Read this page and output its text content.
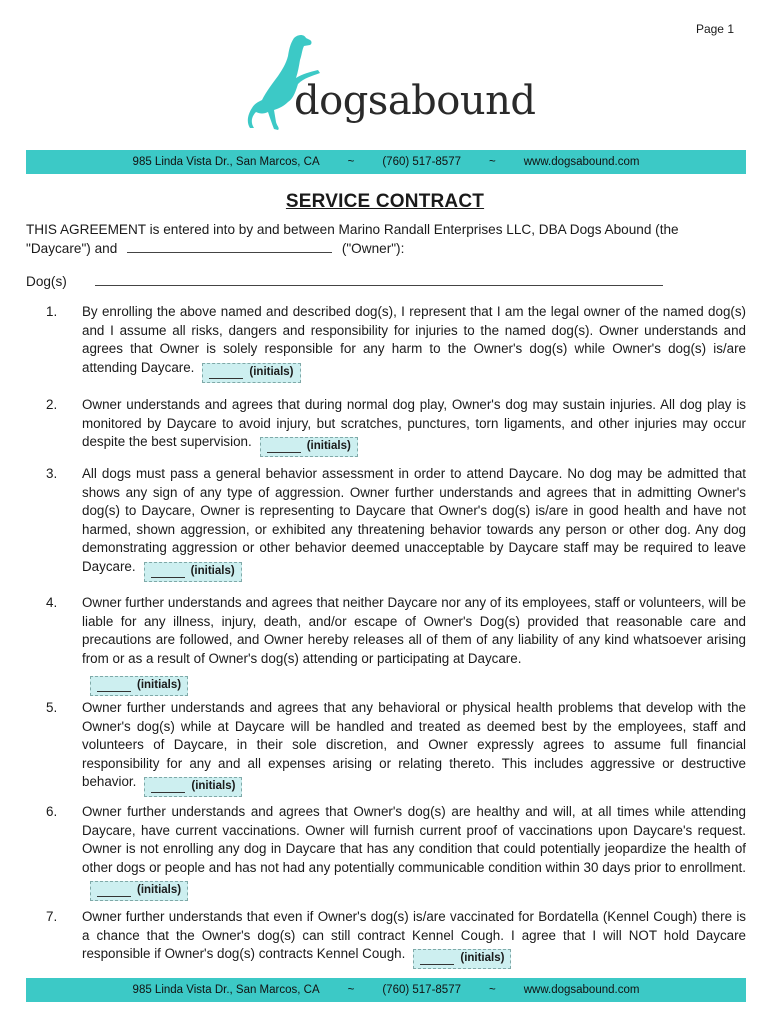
Page 1
dogsabound
985 Linda Vista Dr., San Marcos, CA ~ (760) 517-8577 ~ www.dogsabound.com
SERVICE CONTRACT
THIS AGREEMENT is entered into by and between Marino Randall Enterprises LLC, DBA Dogs Abound (the "Daycare") and	("Owner"):
Dog(s)
1. By enrolling the above named and described dog(s), I represent that I am the legal owner of the named dog(s) and I assume all risks, dangers and responsibility for injuries to the named dog(s). Owner understands and agrees that Owner is solely responsible for any harm to the Owner's dog(s) while Owner's dog(s) is/are attending Daycare.	(initials)
2. Owner understands and agrees that during normal dog play, Owner's dog may sustain injuries. All dog play is monitored by Daycare to avoid injury, but scratches, punctures, torn ligaments, and other injuries may occur despite the best supervision.	(initials)
3. All dogs must pass a general behavior assessment in order to attend Daycare. No dog may be admitted that shows any sign of any type of aggression. Owner further understands and agrees that in admitting Owner's dog(s) to Daycare, Owner is representing to Daycare that Owner's dog(s) is/are in good health and have not harmed, shown aggression, or exhibited any threatening behavior towards any person or other dog. Any dog demonstrating aggression or other behavior deemed unacceptable by Daycare staff may be required to leave Daycare.	(initials)
4. Owner further understands and agrees that neither Daycare nor any of its employees, staff or volunteers, will be liable for any illness, injury, death, and/or escape of Owner's Dog(s) provided that reasonable care and precautions are followed, and Owner hereby releases all of them of any liability of any kind whatsoever arising from or as a result of Owner's dog(s) attending or participating at Daycare.
(initials)
5. Owner further understands and agrees that any behavioral or physical health problems that develop with the Owner's dog(s) while at Daycare will be handled and treated as deemed best by the employees, staff and volunteers of Daycare, in their sole discretion, and Owner expressly agrees to assume full financial responsibility for any and all expenses arising or relating thereto. This includes aggressive or destructive behavior.	(initials)
6. Owner further understands and agrees that Owner's dog(s) are healthy and will, at all times while attending Daycare, have current vaccinations. Owner will furnish current proof of vaccinations upon Daycare's request. Owner is not enrolling any dog in Daycare that has any condition that could potentially jeopardize the health of other dogs or people and has not had any potentially communicable condition within 30 days prior to enrollment.(initials)
7. Owner further understands that even if Owner's dog(s) is/are vaccinated for Bordatella (Kennel Cough) there is a chance that the Owner's dog(s) can still contract Kennel Cough. I agree that I will NOT hold Daycare responsible if Owner's dog(s) contracts Kennel Cough.	(initials)
985 Linda Vista Dr., San Marcos, CA ~ (760) 517-8577 ~ www.dogsabound.com
